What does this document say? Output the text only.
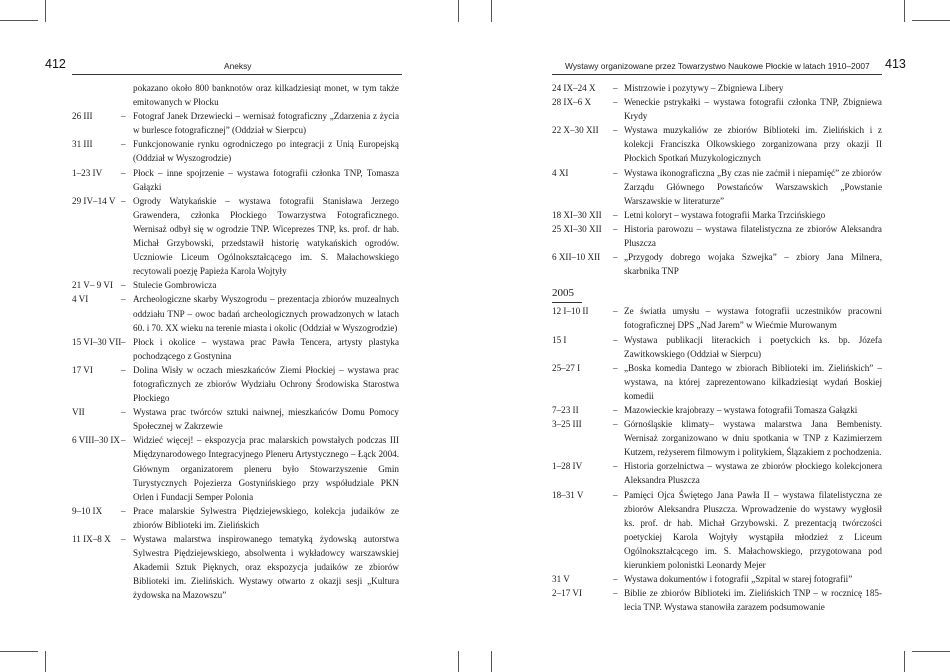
412	Aneksy
pokazano około 800 banknotów oraz kilkadziesiąt monet, w tym także emitowanych w Płocku
26 III	– Fotograf Janek Drzewiecki – wernisaż fotograficzny „Zdarzenia z życia w burlesce fotograficznej” (Oddział w Sierpcu)
31 III	– Funkcjonowanie rynku ogrodniczego po integracji z Unią Europejską (Oddział w Wyszogrodzie)
1–23 IV – Płock – inne spojrzenie – wystawa fotografii członka TNP, Tomasza Gałązki
29 IV–14 V – Ogrody Watykańskie – wystawa fotografii Stanisława Jerzego Grawendera, członka Płockiego Towarzystwa Fotograficznego. Wernisaż odbył się w ogrodzie TNP. Wiceprezes TNP, ks. prof. dr hab. Michał Grzybowski, przedstawił historię watykańskich ogrodów. Uczniowie Liceum Ogólnokształcącego im. S. Małachowskiego recytowali poezję Papieża Karola Wojtyły
21 V– 9 VI – Stulecie Gombrowicza
4 VI	– Archeologiczne skarby Wyszogrodu – prezentacja zbiorów muzealnych oddziału TNP – owoc badań archeologicznych prowadzonych w latach 60. i 70. XX wieku na terenie miasta i okolic (Oddział w Wyszogrodzie)
15 VI–30 VII – Płock i okolice – wystawa prac Pawła Tencera, artysty plastyka pochodzącego z Gostynina
17 VI	– Dolina Wisły w oczach mieszkańców Ziemi Płockiej – wystawa prac fotograficznych ze zbiorów Wydziału Ochrony Środowiska Starostwa Płockiego
VII	– Wystawa prac twórców sztuki naiwnej, mieszkańców Domu Pomocy Społecznej w Zakrzewie
6 VIII–30 IX – Widzieć więcej! – ekspozycja prac malarskich powstałych podczas III Międzynarodowego Integracyjnego Pleneru Artystycznego – Łąck 2004. Głównym organizatorem pleneru było Stowarzyszenie Gmin Turystycznych Pojezierza Gostynińskiego przy współudziale PKN Orlen i Fundacji Semper Polonia
9–10 IX – Prace malarskie Sylwestra Piędziejewskiego, kolekcja judaików ze zbiorów Biblioteki im. Zielińskich
11 IX–8 X – Wystawa malarstwa inspirowanego tematyką żydowską autorstwa Sylwestra Piędziejewskiego, absolwenta i wykładowcy warszawskiej Akademii Sztuk Pięknych, oraz ekspozycja judaików ze zbiorów Biblioteki im. Zielińskich. Wystawy otwarto z okazji sesji „Kultura żydowska na Mazowszu”
Wystawy organizowane przez Towarzystwo Naukowe Płockie w latach 1910–2007 413
24 IX–24 X – Mistrzowie i pozytywy – Zbigniewa Libery
28 IX–6 X – Weneckie pstrykałki – wystawa fotografii członka TNP, Zbigniewa Krydy
22 X–30 XII – Wystawa muzykaliów ze zbiorów Biblioteki im. Zielińskich i z kolekcji Franciszka Olkowskiego zorganizowana przy okazji II Płockich Spotkań Muzykologicznych
4 XI	– Wystawa ikonograficzna „By czas nie zaćmił i niepamięć” ze zbiorów Zarządu Głównego Powstańców Warszawskich „Powstanie Warszawskie w literaturze”
18 XI–30 XII – Letni koloryt – wystawa fotografii Marka Trzcińskiego
25 XI–30 XII – Historia parowozu – wystawa filatelistyczna ze zbiorów Aleksandra Pluszcza
6 XII–10 XII – „Przygody dobrego wojaka Szwejka” – zbiory Jana Milnera, skarbnika TNP
2005
12 I–10 II	– Ze światła umysłu – wystawa fotografii uczestników pracowni fotograficznej DPS „Nad Jarem” w Wiećmie Murowanym
15 I	– Wystawa publikacji literackich i poetyckich ks. bp. Józefa Zawitkowskiego (Oddział w Sierpcu)
25–27 I	– „Boska komedia Dantego w zbiorach Biblioteki im. Zielińskich” – wystawa, na której zaprezentowano kilkadziesiąt wydań Boskiej komedii
7–23 II	– Mazowieckie krajobrazy – wystawa fotografii Tomasza Gałązki
3–25 III	– Górnośląskie klimaty– wystawa malarstwa Jana Bembenisty. Wernisaż zorganizowano w dniu spotkania w TNP z Kazimierzem Kutzem, reżyserem filmowym i politykiem, Ślązakiem z pochodzenia.
1–28 IV	– Historia gorzelnictwa – wystawa ze zbiorów płockiego kolekcjonera Aleksandra Pluszcza
18–31 V	– Pamięci Ojca Świętego Jana Pawła II – wystawa filatelistyczna ze zbiorów Aleksandra Pluszcza. Wprowadzenie do wystawy wygłosił ks. prof. dr hab. Michał Grzybowski. Z prezentacją twórczości poetyckiej Karola Wojtyły wystąpiła młodzież z Liceum Ogólnokształcącego im. S. Małachowskiego, przygotowana pod kierunkiem polonistki Leonardy Mejer
31 V	– Wystawa dokumentów i fotografii „Szpital w starej fotografii”
2–17 VI	– Biblie ze zbiorów Biblioteki im. Zielińskich TNP – w rocznicę 185-lecia TNP. Wystawa stanowiła zarazem podsumowanie
